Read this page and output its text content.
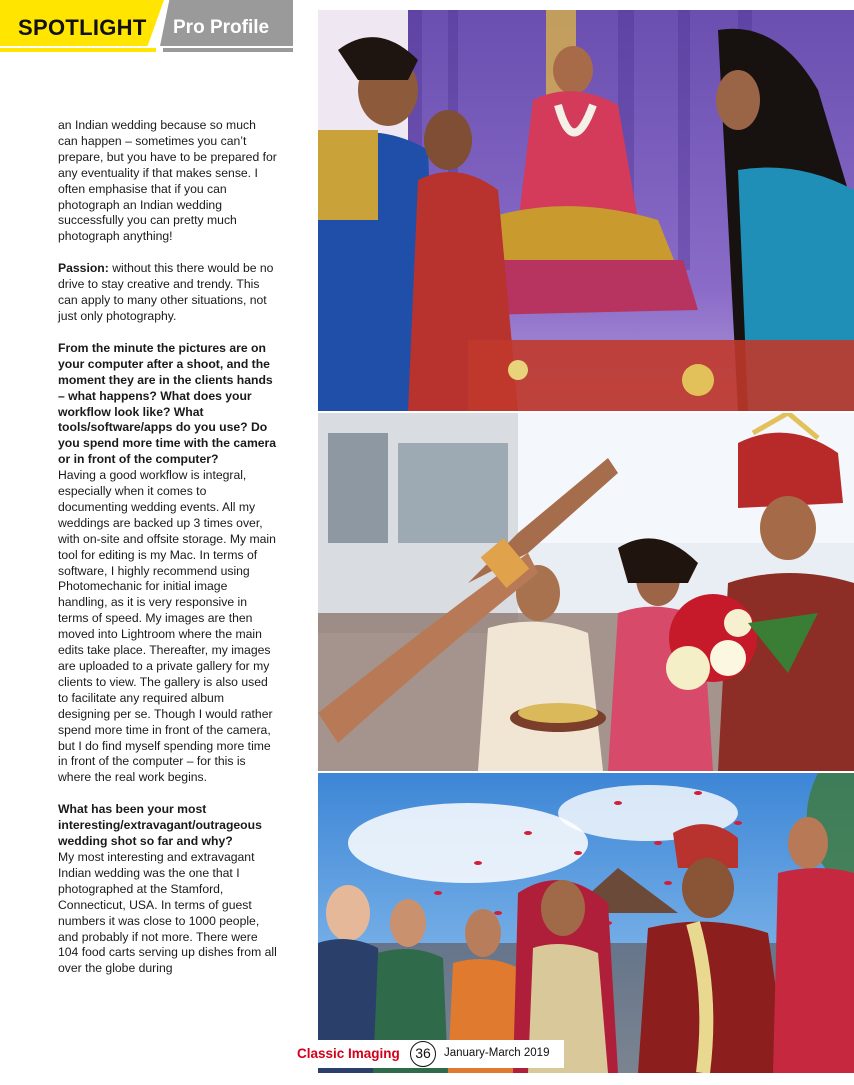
SPOTLIGHT Pro Profile

an Indian wedding because so much can happen – sometimes you can’t prepare, but you have to be prepared for any eventuality if that makes sense. I often emphasise that if you can photograph an Indian wedding successfully you can pretty much photograph anything!

Passion: without this there would be no drive to stay creative and trendy. This can apply to many other situations, not just only photography.

From the minute the pictures are on your computer after a shoot, and the moment they are in the clients hands – what happens? What does your workflow look like? What tools/software/apps do you use? Do you spend more time with the camera or in front of the computer?

Having a good workflow is integral, especially when it comes to documenting wedding events. All my weddings are backed up 3 times over, with on-site and offsite storage. My main tool for editing is my Mac. In terms of software, I highly recommend using Photomechanic for initial image handling, as it is very responsive in terms of speed. My images are then moved into Lightroom where the main edits take place. Thereafter, my images are uploaded to a private gallery for my clients to view. The gallery is also used to facilitate any required album designing per se. Though I would rather spend more time in front of the camera, but I do find myself spending more time in front of the computer – for this is where the real work begins.

What has been your most interesting/extravagant/outrageous wedding shot so far and why?

My most interesting and extravagant Indian wedding was the one that I photographed at the Stamford, Connecticut, USA. In terms of guest numbers it was close to 1000 people, and probably if not more. There were 104 food carts serving up dishes from all over the globe during

Classic Imaging	36	January-March 2019
